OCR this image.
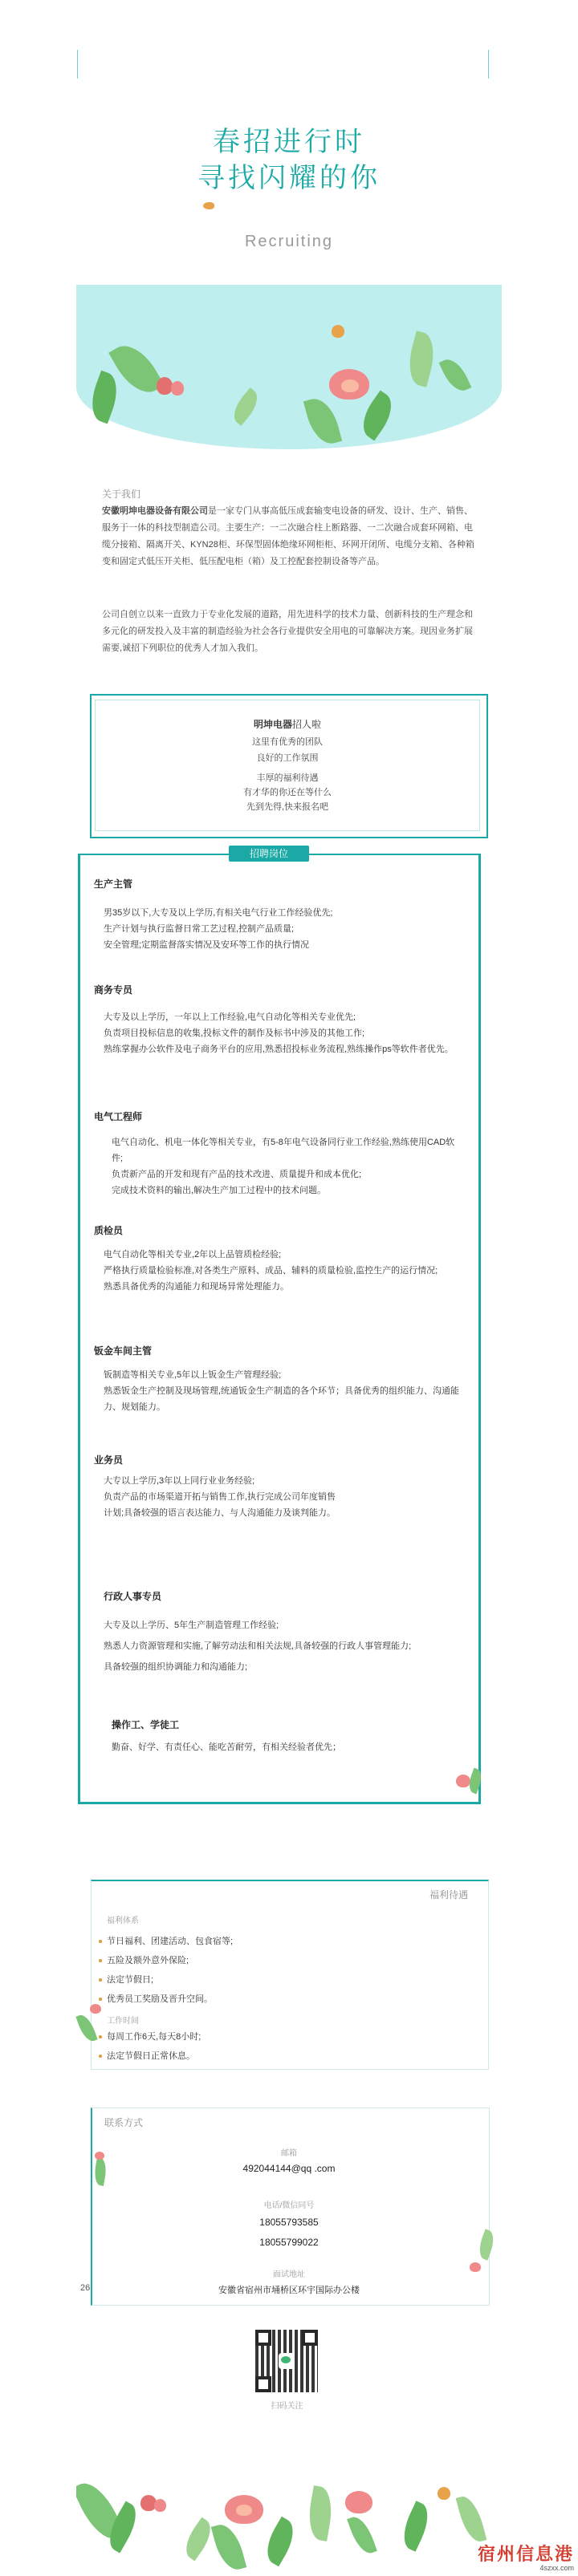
春招进行时
寻找闪耀的你
Recruiting
关于我们
安徽明坤电器设备有限公司是一家专门从事高低压成套输变电设备的研发、设计、生产、销售、服务于一体的科技型制造公司。主要生产：一二次融合柱上断路器、一二次融合成套环网箱、电缆分接箱、隔离开关、KYN28柜、环保型固体绝缘环网柜柜、环网开闭所、电缆分支箱、各种箱变和固定式低压开关柜、低压配电柜（箱）及工控配套控制设备等产品。
公司自创立以来一直致力于专业化发展的道路，用先进科学的技术力量、创新科技的生产理念和多元化的研发投入及丰富的制造经验为社会各行业提供安全用电的可靠解决方案。现因业务扩展 需要,诚招下列职位的优秀人才加入我们。
明坤电器招人啦
这里有优秀的团队
良好的工作氛围
丰厚的福利待遇
有才华的你还在等什么
先到先得,快来报名吧
招聘岗位
生产主管
男35岁以下,大专及以上学历,有相关电气行业工作经验优先;
生产计划与执行监督日常工艺过程,控制产品质量;
安全管理;定期监督落实情况及安环等工作的执行情况
商务专员
大专及以上学历，一年以上工作经验,电气自动化等相关专业优先;
负责项目投标信息的收集,投标文件的制作及标书中涉及的其他工作;
熟练掌握办公软件及电子商务平台的应用,熟悉招投标业务流程,熟练操作ps等软件者优先。
电气工程师
电气自动化、机电一体化等相关专业，有5-8年电气设备同行业工作经验,熟练使用CAD软件;
负责新产品的开发和现有产品的技术改进、质量提升和成本优化;
完成技术资料的输出,解决生产加工过程中的技术问题。
质检员
电气自动化等相关专业,2年以上品管质检经验;
严格执行质量检验标准,对各类生产原料、成品、辅料的质量检验,监控生产的运行情况;
熟悉具备优秀的沟通能力和现场异常处理能力。
钣金车间主管
钣制造等相关专业,5年以上钣金生产管理经验;
熟悉钣金生产控制及现场管理,统通钣金生产制造的各个环节；具备优秀的组织能力、沟通能力、规划能力。
业务员
大专以上学历,3年以上同行业业务经验;
负责产品的市场渠道开拓与销售工作,执行完成公司年度销售
计划;具备较强的语言表达能力、与人沟通能力及谈判能力。
行政人事专员
大专及以上学历、5年生产制造管理工作经验;
熟悉人力资源管理和实施,了解劳动法和相关法规,具备较强的行政人事管理能力;
具备较强的组织协调能力和沟通能力;
操作工、学徒工
勤奋、好学、有责任心、能吃苦耐劳，有相关经验者优先；
福利待遇
福利体系
节日福利、团建活动、包食宿等;
五险及额外意外保险;
法定节假日;
优秀员工奖励及晋升空间。
工作时间
每周工作6天,每天8小时;
法定节假日正常休息。
联系方式
邮箱
492044144@qq .com
电话/微信同号
18055793585
18055799022
面试地址
安徽省宿州市埇桥区环宇国际办公楼
26
扫码关注
宿州信息港
4szxx.com
